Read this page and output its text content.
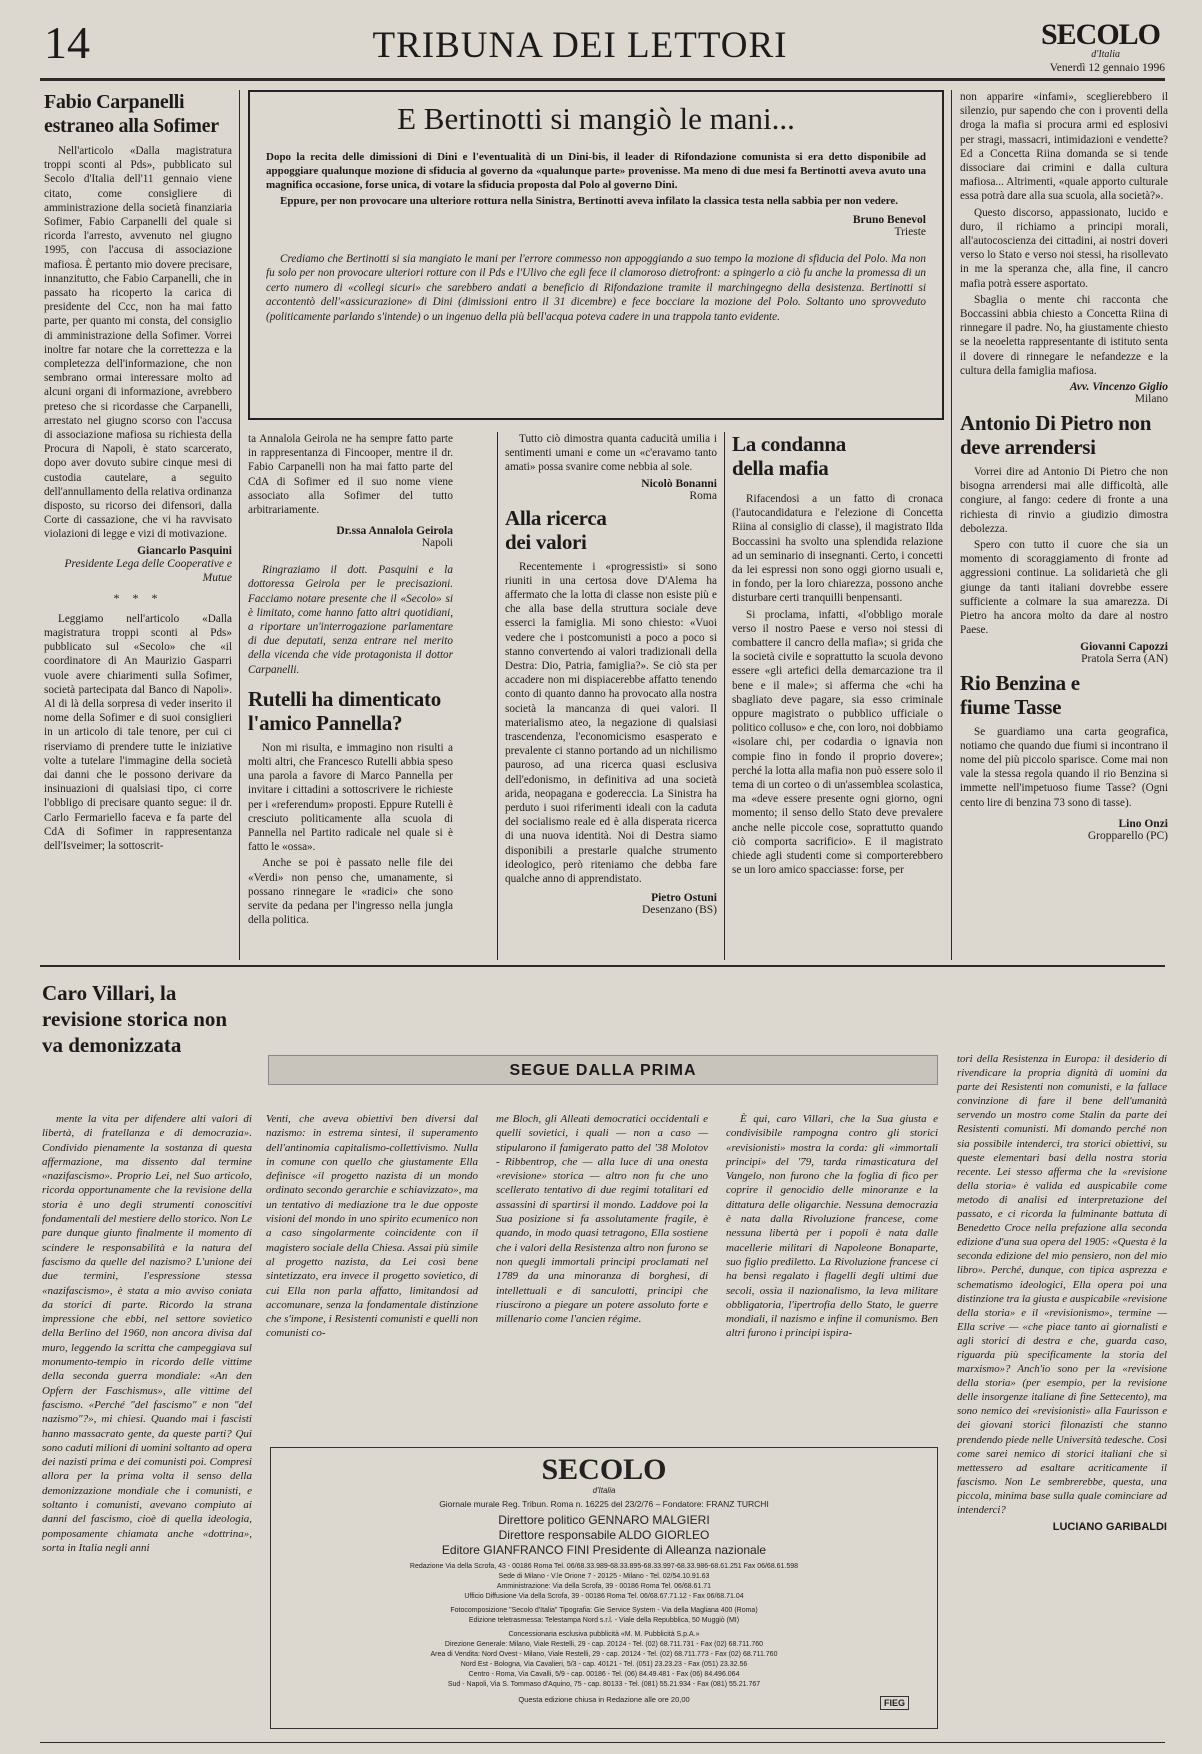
14	TRIBUNA DEI LETTORI	SECOLO
d'Italia
Venerdì 12 gennaio 1996
Fabio Carpanelli estraneo alla Sofimer

Nell'articolo «Dalla magistratura troppi sconti al Pds», pubblicato sul Secolo d'Italia dell'11 gennaio viene citato, come consigliere di amministrazione della società finanziaria Sofimer, Fabio Carpanelli del quale si ricorda l'arresto, avvenuto nel giugno 1995, con l'accusa di associazione mafiosa. È pertanto mio dovere precisare, innanzitutto, che Fabio Carpanelli, che in passato ha ricoperto la carica di presidente del Ccc, non ha mai fatto parte, per quanto mi consta, del consiglio di amministrazione della Sofimer. Vorrei inoltre far notare che la correttezza e la completezza dell'informazione, che non sembrano ormai interessare molto ad alcuni organi di informazione, avrebbero preteso che si ricordasse che Carpanelli, arrestato nel giugno scorso con l'accusa di associazione mafiosa su richiesta della Procura di Napoli, è stato scarcerato, dopo aver dovuto subire cinque mesi di custodia cautelare, a seguito dell'annullamento della relativa ordinanza disposto, su ricorso dei difensori, dalla Corte di cassazione, che vi ha ravvisato violazioni di legge e vizi di motivazione.

Giancarlo Pasquini

Presidente Lega delle Cooperative e Mutue

* * *

Leggiamo nell'articolo «Dalla magistratura troppi sconti al Pds» pubblicato sul «Secolo» che «il coordinatore di An Maurizio Gasparri vuole avere chiarimenti sulla Sofimer, società partecipata dal Banco di Napoli». Al di là della sorpresa di veder inserito il nome della Sofimer e di suoi consiglieri in un articolo di tale tenore, per cui ci riserviamo di prendere tutte le iniziative volte a tutelare l'immagine della società dai danni che le possono derivare da insinuazioni di qualsiasi tipo, ci corre l'obbligo di precisare quanto segue: il dr. Carlo Fermariello faceva e fa parte del CdA di Sofimer in rappresentanza dell'Isveimer; la sottoscrit-

E Bertinotti si mangiò le mani...

Dopo la recita delle dimissioni di Dini e l'eventualità di un Dini-bis, il leader di Rifondazione comunista si era detto disponibile ad appoggiare qualunque mozione di sfiducia al governo da «qualunque parte» provenisse. Ma meno di due mesi fa Bertinotti aveva avuto una magnifica occasione, forse unica, di votare la sfiducia proposta dal Polo al governo Dini.

Eppure, per non provocare una ulteriore rottura nella Sinistra, Bertinotti aveva infilato la classica testa nella sabbia per non vedere.

Bruno Benevol

Trieste

Crediamo che Bertinotti si sia mangiato le mani per l'errore commesso non appoggiando a suo tempo la mozione di sfiducia del Polo. Ma non fu solo per non provocare ulteriori rotture con il Pds e l'Ulivo che egli fece il clamoroso dietrofront: a spingerlo a ciò fu anche la promessa di un certo numero di «collegi sicuri» che sarebbero andati a beneficio di Rifondazione tramite il marchingegno della desistenza. Bertinotti si accontentò dell'«assicurazione» di Dini (dimissioni entro il 31 dicembre) e fece bocciare la mozione del Polo. Soltanto uno sprovveduto (politicamente parlando s'intende) o un ingenuo della più bell'acqua poteva cadere in una trappola tanto evidente.

ta Annalola Geirola ne ha sempre fatto parte in rappresentanza di Fincooper, mentre il dr. Fabio Carpanelli non ha mai fatto parte del CdA di Sofimer ed il suo nome viene associato alla Sofimer del tutto arbitrariamente.

Dr.ssa Annalola Geirola

Napoli

Ringraziamo il dott. Pasquini e la dottoressa Geirola per le precisazioni. Facciamo notare presente che il «Secolo» si è limitato, come hanno fatto altri quotidiani, a riportare un'interrogazione parlamentare di due deputati, senza entrare nel merito della vicenda che vide protagonista il dottor Carpanelli.

Rutelli ha dimenticato l'amico Pannella?

Non mi risulta, e immagino non risulti a molti altri, che Francesco Rutelli abbia speso una parola a favore di Marco Pannella per invitare i cittadini a sottoscrivere le richieste per i «referendum» proposti. Eppure Rutelli è cresciuto politicamente alla scuola di Pannella nel Partito radicale nel quale si è fatto le «ossa».

Anche se poi è passato nelle file dei «Verdi» non penso che, umanamente, si possano rinnegare le «radici» che sono servite da pedana per l'ingresso nella jungla della politica.

Tutto ciò dimostra quanta caducità umilia i sentimenti umani e come un «c'eravamo tanto amati» possa svanire come nebbia al sole.

Nicolò Bonanni

Roma

Alla ricerca dei valori

Recentemente i «progressisti» si sono riuniti in una certosa dove D'Alema ha affermato che la lotta di classe non esiste più e che alla base della struttura sociale deve esserci la famiglia. Mi sono chiesto: «Vuoi vedere che i postcomunisti a poco a poco si stanno convertendo ai valori tradizionali della Destra: Dio, Patria, famiglia?». Se ciò sta per accadere non mi dispiacerebbe affatto tenendo conto di quanto danno ha provocato alla nostra società la mancanza di quei valori. Il materialismo ateo, la negazione di qualsiasi trascendenza, l'economicismo esasperato e prevalente ci stanno portando ad un nichilismo pauroso, ad una ricerca quasi esclusiva dell'edonismo, in definitiva ad una società arida, neopagana e godereccia. La Sinistra ha perduto i suoi riferimenti ideali con la caduta del socialismo reale ed è alla disperata ricerca di una nuova identità. Noi di Destra siamo disponibili a prestarle qualche strumento ideologico, però riteniamo che debba fare qualche anno di apprendistato.

Pietro Ostuni

Desenzano (BS)

La condanna della mafia

Rifacendosi a un fatto di cronaca (l'autocandidatura e l'elezione di Concetta Riina al consiglio di classe), il magistrato Ilda Boccassini ha svolto una splendida relazione ad un seminario di insegnanti. Certo, i concetti da lei espressi non sono oggi giorno usuali e, in fondo, per la loro chiarezza, possono anche disturbare certi tranquilli benpensanti.

Si proclama, infatti, «l'obbligo morale verso il nostro Paese e verso noi stessi di combattere il cancro della mafia»; si grida che la società civile e soprattutto la scuola devono essere «gli artefici della demarcazione tra il bene e il male»; si afferma che «chi ha sbagliato deve pagare, sia esso criminale oppure magistrato o pubblico ufficiale o politico colluso» e che, con loro, noi dobbiamo «isolare chi, per codardia o ignavia non compie fino in fondo il proprio dovere»; perché la lotta alla mafia non può essere solo il tema di un corteo o di un'assemblea scolastica, ma «deve essere presente ogni giorno, ogni momento; il senso dello Stato deve prevalere anche nelle piccole cose, soprattutto quando ciò comporta sacrificio». E il magistrato chiede agli studenti come si comporterebbero se un loro amico spacciasse: forse, per

non apparire «infami», sceglierebbero il silenzio, pur sapendo che con i proventi della droga la mafia si procura armi ed esplosivi per stragi, massacri, intimidazioni e vendette? Ed a Concetta Riina domanda se si tende dissociare dai crimini e dalla cultura mafiosa... Altrimenti, «quale apporto culturale essa potrà dare alla sua scuola, alla società?».

Questo discorso, appassionato, lucido e duro, il richiamo a principi morali, all'autocoscienza dei cittadini, ai nostri doveri verso lo Stato e verso noi stessi, ha risollevato in me la speranza che, alla fine, il cancro mafia potrà essere asportato.

Sbaglia o mente chi racconta che Boccassini abbia chiesto a Concetta Riina di rinnegare il padre. No, ha giustamente chiesto se la neoeletta rappresentante di istituto senta il dovere di rinnegare le nefandezze e la cultura della famiglia mafiosa.

Avv. Vincenzo Giglio

Milano

Antonio Di Pietro non deve arrendersi

Vorrei dire ad Antonio Di Pietro che non bisogna arrendersi mai alle difficoltà, alle congiure, al fango: cedere di fronte a una richiesta di rinvio a giudizio dimostra debolezza.

Spero con tutto il cuore che sia un momento di scoraggiamento di fronte ad aggressioni continue. La solidarietà che gli giunge da tanti italiani dovrebbe essere sufficiente a colmare la sua amarezza. Di Pietro ha ancora molto da dare al nostro Paese.

Giovanni Capozzi

Pratola Serra (AN)

Rio Benzina e fiume Tasse

Se guardiamo una carta geografica, notiamo che quando due fiumi si incontrano il nome del più piccolo sparisce. Come mai non vale la stessa regola quando il rio Benzina si immette nell'impetuoso fiume Tasse? (Ogni cento lire di benzina 73 sono di tasse).

Lino Onzi

Gropparello (PC)

Caro Villari, la revisione storica non va demonizzata
SEGUE DALLA PRIMA

mente la vita per difendere alti valori di libertà, di fratellanza e di democrazia». Condivido pienamente la sostanza di questa affermazione, ma dissento dal termine «nazifascismo». Proprio Lei, nel Suo articolo, ricorda opportunamente che la revisione della storia è uno degli strumenti conoscitivi fondamentali del mestiere dello storico. Non Le pare dunque giunto finalmente il momento di scindere le responsabilità e la natura del fascismo da quelle del nazismo? L'unione dei due termini, l'espressione stessa «nazifascismo», è stata a mio avviso coniata da storici di parte. Ricordo la strana impressione che ebbi, nel settore sovietico della Berlino del 1960, non ancora divisa dal muro, leggendo la scritta che campeggiava sul monumento-tempio in ricordo delle vittime della seconda guerra mondiale: «An den Opfern der Faschismus», alle vittime del fascismo. «Perché "del fascismo" e non "del nazismo"?», mi chiesi. Quando mai i fascisti hanno massacrato gente, da queste parti? Qui sono caduti milioni di uomini soltanto ad opera dei nazisti prima e dei comunisti poi. Compresi allora per la prima volta il senso della demonizzazione mondiale che i comunisti, e soltanto i comunisti, avevano compiuto ai danni del fascismo, cioè di quella ideologia, pomposamente chiamata anche «dottrina», sorta in Italia negli anni

Venti, che aveva obiettivi ben diversi dal nazismo: in estrema sintesi, il superamento dell'antinomia capitalismo-collettivismo. Nulla in comune con quello che giustamente Ella definisce «il progetto nazista di un mondo ordinato secondo gerarchie e schiavizzato», ma un tentativo di mediazione tra le due opposte visioni del mondo in uno spirito ecumenico non a caso singolarmente coincidente con il magistero sociale della Chiesa. Assai più simile al progetto nazista, da Lei così bene sintetizzato, era invece il progetto sovietico, di cui Ella non parla affatto, limitandosi ad accomunare, senza la fondamentale distinzione che s'impone, i Resistenti comunisti e quelli non comunisti co-

me Bloch, gli Alleati democratici occidentali e quelli sovietici, i quali — non a caso — stipularono il famigerato patto del '38 Molotov - Ribbentrop, che — alla luce di una onesta «revisione» storica — altro non fu che uno scellerato tentativo di due regimi totalitari ed assassini di spartirsi il mondo. Laddove poi la Sua posizione si fa assolutamente fragile, è quando, in modo quasi tetragono, Ella sostiene che i valori della Resistenza altro non furono se non quegli immortali principi proclamati nel 1789 da una minoranza di borghesi, di intellettuali e di sanculotti, principi che riuscirono a piegare un potere assoluto forte e millenario come l'ancien régime.

È qui, caro Villari, che la Sua giusta e condivisibile rampogna contro gli storici «revisionisti» mostra la corda: gli «immortali principi» del '79, tarda rimasticatura del Vangelo, non furono che la foglia di fico per coprire il genocidio delle minoranze e la dittatura delle oligarchie. Nessuna democrazia è nata dalla Rivoluzione francese, come nessuna libertà per i popoli è nata dalle macellerie militari di Napoleone Bonaparte, suo figlio prediletto. La Rivoluzione francese ci ha bensì regalato i flagelli degli ultimi due secoli, ossia il nazionalismo, la leva militare obbligatoria, l'ipertrofia dello Stato, le guerre mondiali, il nazismo e infine il comunismo. Ben altri furono i principi ispira-

tori della Resistenza in Europa: il desiderio di rivendicare la propria dignità di uomini da parte dei Resistenti non comunisti, e la fallace convinzione di fare il bene dell'umanità servendo un mostro come Stalin da parte dei Resistenti comunisti. Mi domando perché non sia possibile intenderci, tra storici obiettivi, su queste elementari basi della nostra storia recente. Lei stesso afferma che la «revisione della storia» è valida ed auspicabile come metodo di analisi ed interpretazione del passato, e ci ricorda la fulminante battuta di Benedetto Croce nella prefazione alla seconda edizione d'una sua opera del 1905: «Questa è la seconda edizione del mio pensiero, non del mio libro». Perché, dunque, con tipica asprezza e schematismo ideologici, Ella opera poi una distinzione tra la giusta e auspicabile «revisione della storia» e il «revisionismo», termine — Ella scrive — «che piace tanto ai giornalisti e agli storici di destra e che, guarda caso, riguarda più specificamente la storia del marxismo»? Anch'io sono per la «revisione della storia» (per esempio, per la revisione delle insorgenze italiane di fine Settecento), ma sono nemico dei «revisionisti» alla Faurisson e dei giovani storici filonazisti che stanno prendendo piede nelle Università tedesche. Così come sarei nemico di storici italiani che si mettessero ad esaltare acriticamente il fascismo. Non Le sembrerebbe, questa, una piccola, minima base sulla quale cominciare ad intenderci?

LUCIANO GARIBALDI

SECOLO
d'Italia
Giornale murale Reg. Tribun. Roma n. 16225 del 23/2/76 – Fondatore: FRANZ TURCHI
Direttore politico GENNARO MALGIERI
Direttore responsabile ALDO GIORLEO
Editore GIANFRANCO FINI Presidente di Alleanza nazionale
Redazione Via della Scrofa, 43 - 00186 Roma Tel. 06/68.33.989-68.33.895-68.33.997-68.33.986-68.61.251 Fax 06/68.61.598
Sede di Milano - V.le Orione 7 - 20125 - Milano - Tel. 02/54.10.91.63
Amministrazione: Via della Scrofa, 39 - 00186 Roma Tel. 06/68.61.71
Ufficio Diffusione Via della Scrofa, 39 - 00186 Roma Tel. 06/68.67.71.12 - Fax 06/68.71.04
Fotocomposizione "Secolo d'Italia" Tipografia: Gie Service System - Via della Magliana 400 (Roma)
Edizione teletrasmessa: Telestampa Nord s.r.l. - Viale della Repubblica, 50 Muggiò (MI)
Concessionaria esclusiva pubblicità «M. M. Pubblicità S.p.A.»
Direzione Generale: Milano, Viale Restelli, 29 - cap. 20124 - Tel. (02) 68.711.731 - Fax (02) 68.711.760
Area di Vendita: Nord Ovest - Milano, Viale Restelli, 29 - cap. 20124 - Tel. (02) 68.711.773 - Fax (02) 68.711.760
Nord Est - Bologna, Via Cavalieri, 5/3 - cap. 40121 - Tel. (051) 23.23.23 - Fax (051) 23.32.56
Centro - Roma, Via Cavalli, 5/9 - cap. 00186 - Tel. (06) 84.49.481 - Fax (06) 84.496.064
Sud - Napoli, Via S. Tommaso d'Aquino, 75 - cap. 80133 - Tel. (081) 55.21.934 - Fax (081) 55.21.767
Questa edizione chiusa in Redazione alle ore 20,00	FIEG
